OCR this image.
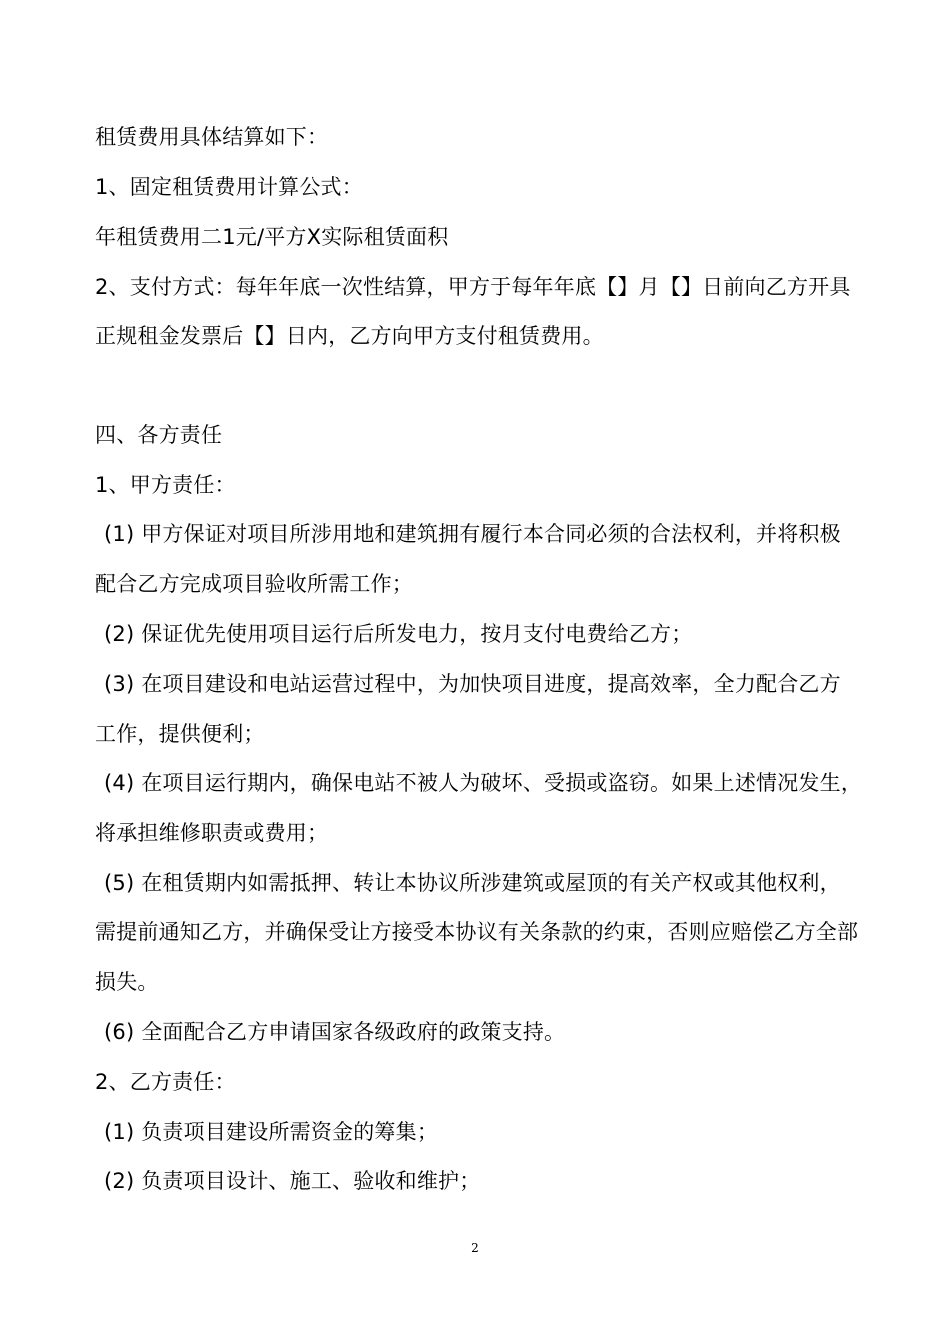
租赁费用具体结算如下：
1、固定租赁费用计算公式：
年租赁费用二1元/平方X实际租赁面积
2、支付方式：每年年底一次性结算，甲方于每年年底【】月【】日前向乙方开具
正规租金发票后【】日内，乙方向甲方支付租赁费用。
四、各方责任
1、甲方责任：
(1) 甲方保证对项目所涉用地和建筑拥有履行本合同必须的合法权利，并将积极
配合乙方完成项目验收所需工作；
(2) 保证优先使用项目运行后所发电力，按月支付电费给乙方；
(3) 在项目建设和电站运营过程中，为加快项目进度，提高效率，全力配合乙方
工作，提供便利；
(4) 在项目运行期内，确保电站不被人为破坏、受损或盗窃。如果上述情况发生，
将承担维修职责或费用；
(5) 在租赁期内如需抵押、转让本协议所涉建筑或屋顶的有关产权或其他权利，
需提前通知乙方，并确保受让方接受本协议有关条款的约束，否则应赔偿乙方全部
损失。
(6) 全面配合乙方申请国家各级政府的政策支持。
2、乙方责任：
(1) 负责项目建设所需资金的筹集；
(2) 负责项目设计、施工、验收和维护；
2
